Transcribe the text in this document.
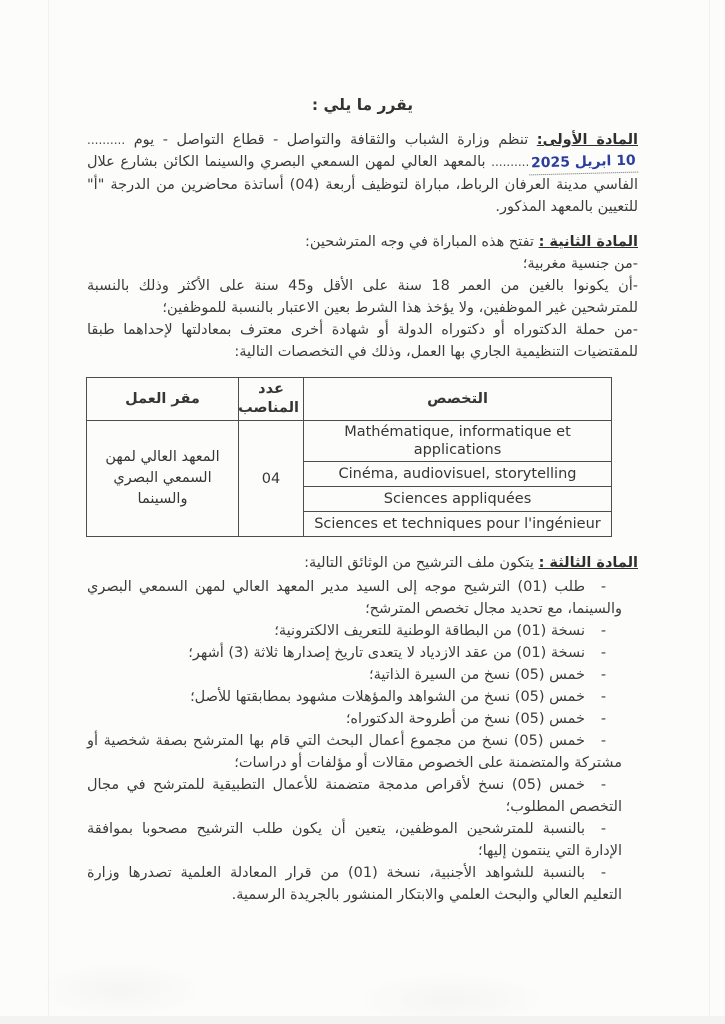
يقرر ما يلي :

المادة الأولى: تنظم وزارة الشباب والثقافة والتواصل - قطاع التواصل - يوم ..........10 ابريل 2025.......... بالمعهد العالي لمهن السمعي البصري والسينما الكائن بشارع علال الفاسي مدينة العرفان الرباط، مباراة لتوظيف أربعة (04) أساتذة محاضرين من الدرجة "أ" للتعيين بالمعهد المذكور.

المادة الثانية : تفتح هذه المباراة في وجه المترشحين:

-من جنسية مغربية؛

-أن يكونوا بالغين من العمر 18 سنة على الأقل و45 سنة على الأكثر وذلك بالنسبة للمترشحين غير الموظفين، ولا يؤخذ هذا الشرط بعين الاعتبار بالنسبة للموظفين؛

-من حملة الدكتوراه أو دكتوراه الدولة أو شهادة أخرى معترف بمعادلتها لإحداهما طبقا للمقتضيات التنظيمية الجاري بها العمل، وذلك في التخصصات التالية:

التخصص	عدد المناصب	مقر العمل
Mathématique, informatique et applications	04	المعهد العالي لمهن السمعي البصري والسينما
Cinéma, audiovisuel, storytelling		
Sciences appliquées		
Sciences et techniques pour l'ingénieur		

المادة الثالثة : يتكون ملف الترشيح من الوثائق التالية:

-طلب (01) الترشيح موجه إلى السيد مدير المعهد العالي لمهن السمعي البصري والسينما، مع تحديد مجال تخصص المترشح؛
-نسخة (01) من البطاقة الوطنية للتعريف الالكترونية؛
-نسخة (01) من عقد الازدياد لا يتعدى تاريخ إصدارها ثلاثة (3) أشهر؛
-خمس (05) نسخ من السيرة الذاتية؛
-خمس (05) نسخ من الشواهد والمؤهلات مشهود بمطابقتها للأصل؛
-خمس (05) نسخ من أطروحة الدكتوراه؛
-خمس (05) نسخ من مجموع أعمال البحث التي قام بها المترشح بصفة شخصية أو مشتركة والمتضمنة على الخصوص مقالات أو مؤلفات أو دراسات؛
-خمس (05) نسخ لأقراص مدمجة متضمنة للأعمال التطبيقية للمترشح في مجال التخصص المطلوب؛
-بالنسبة للمترشحين الموظفين، يتعين أن يكون طلب الترشيح مصحوبا بموافقة الإدارة التي ينتمون إليها؛
-بالنسبة للشواهد الأجنبية، نسخة (01) من قرار المعادلة العلمية تصدرها وزارة التعليم العالي والبحث العلمي والابتكار المنشور بالجريدة الرسمية.
